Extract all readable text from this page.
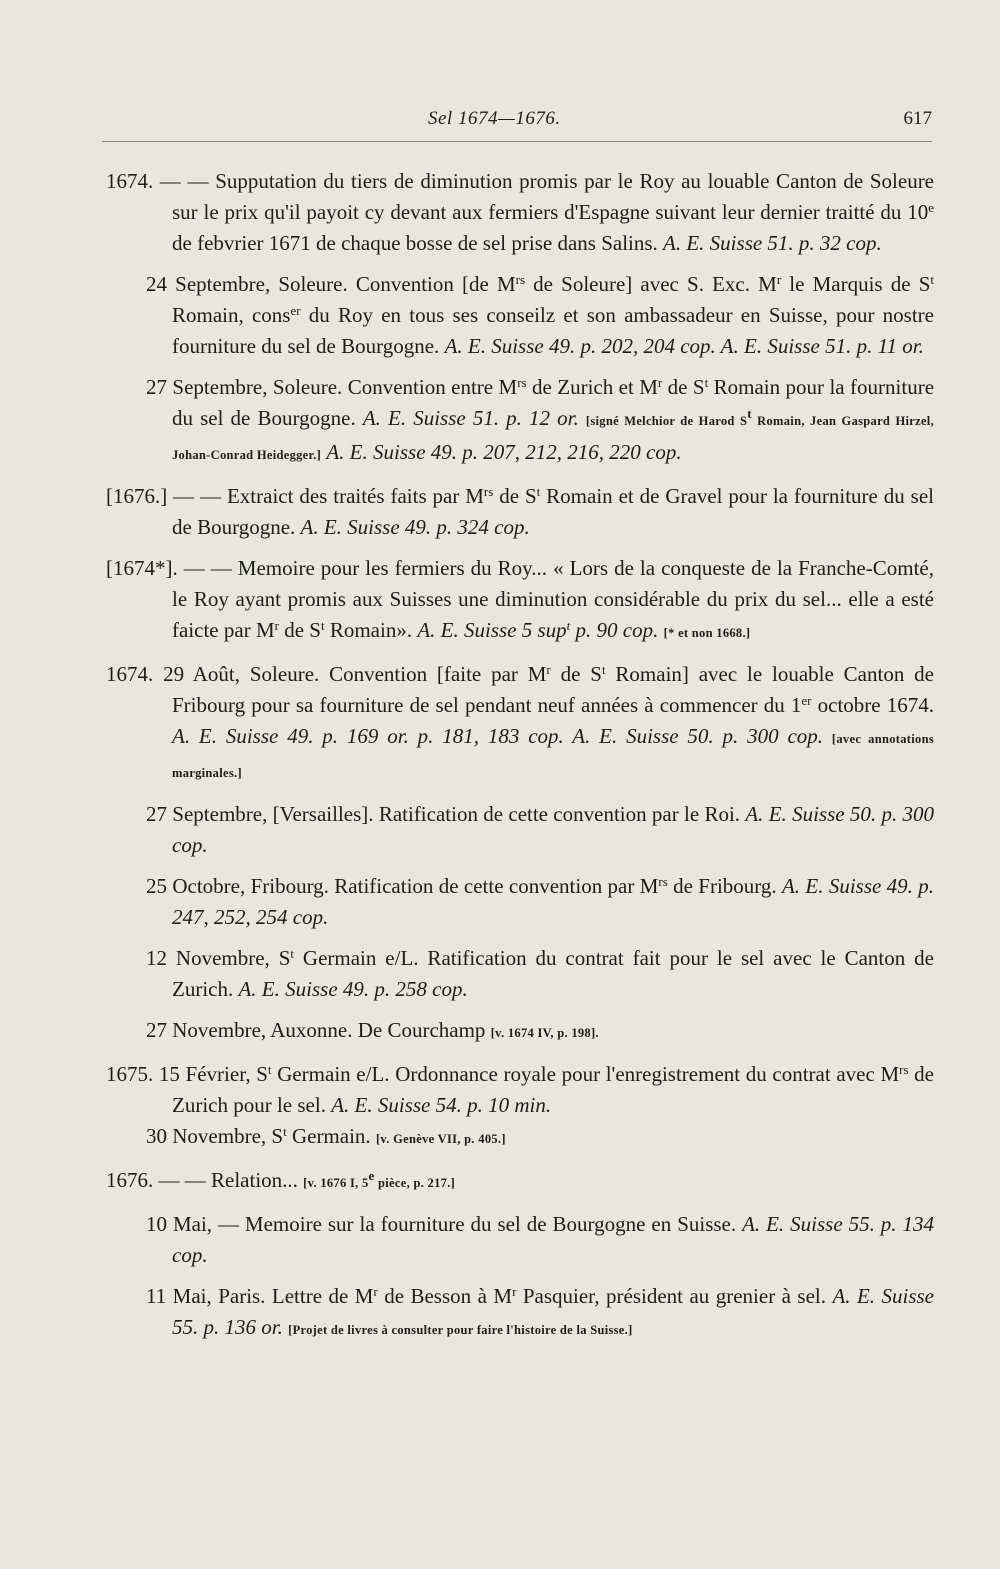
Sel 1674—1676.	617

1674. — — Supputation du tiers de diminution promis par le Roy au louable Canton de Soleure sur le prix qu'il payoit cy devant aux fermiers d'Espagne suivant leur dernier traitté du 10e de febvrier 1671 de chaque bosse de sel prise dans Salins. A. E. Suisse 51. p. 32 cop.

24 Septembre, Soleure. Convention [de $M^{rs}$ de Soleure] avec S. Exc. $M^r$ le Marquis de $S^t$ Romain, cons$^{er}$ du Roy en tous ses conseilz et son ambassadeur en Suisse, pour nostre fourniture du sel de Bourgogne. A. E. Suisse 49. p. 202, 204 cop. A. E. Suisse 51. p. 11 or.

27 Septembre, Soleure. Convention entre $M^{rs}$ de Zurich et $M^r$ de $S^t$ Romain pour la fourniture du sel de Bourgogne. A. E. Suisse 51. p. 12 or. [signé Melchior de Harod $S^t$ Romain, Jean Gaspard Hirzel, Johan-Conrad Heidegger.] A. E. Suisse 49. p. 207, 212, 216, 220 cop.

[1676.] — — Extraict des traités faits par $M^{rs}$ de $S^t$ Romain et de Gravel pour la fourniture du sel de Bourgogne. A. E. Suisse 49. p. 324 cop.

[1674*]. — — Memoire pour les fermiers du Roy... « Lors de la conqueste de la Franche-Comté, le Roy ayant promis aux Suisses une diminution considérable du prix du sel... elle a esté faicte par $M^r$ de $S^t$ Romain». A. E. Suisse 5 sup$^t$ p. 90 cop. [* et non 1668.]

1674. 29 Août, Soleure. Convention [faite par $M^r$ de $S^t$ Romain] avec le louable Canton de Fribourg pour sa fourniture de sel pendant neuf années à commencer du 1er octobre 1674. A. E. Suisse 49. p. 169 or. p. 181, 183 cop. A. E. Suisse 50. p. 300 cop. [avec annotations marginales.]

27 Septembre, [Versailles]. Ratification de cette convention par le Roi. A. E. Suisse 50. p. 300 cop.

25 Octobre, Fribourg. Ratification de cette convention par $M^{rs}$ de Fribourg. A. E. Suisse 49. p. 247, 252, 254 cop.

12 Novembre, $S^t$ Germain e/L. Ratification du contrat fait pour le sel avec le Canton de Zurich. A. E. Suisse 49. p. 258 cop.

27 Novembre, Auxonne. De Courchamp [v. 1674 IV, p. 198].

1675. 15 Février, $S^t$ Germain e/L. Ordonnance royale pour l'enregistrement du contrat avec $M^{rs}$ de Zurich pour le sel. A. E. Suisse 54. p. 10 min.

30 Novembre, $S^t$ Germain. [v. Genève VII, p. 405.]

1676. — — Relation... [v. 1676 I, 5e pièce, p. 217.]

10 Mai, — Memoire sur la fourniture du sel de Bourgogne en Suisse. A. E. Suisse 55. p. 134 cop.

11 Mai, Paris. Lettre de $M^r$ de Besson à $M^r$ Pasquier, président au grenier à sel. A. E. Suisse 55. p. 136 or. [Projet de livres à consulter pour faire l'histoire de la Suisse.]
